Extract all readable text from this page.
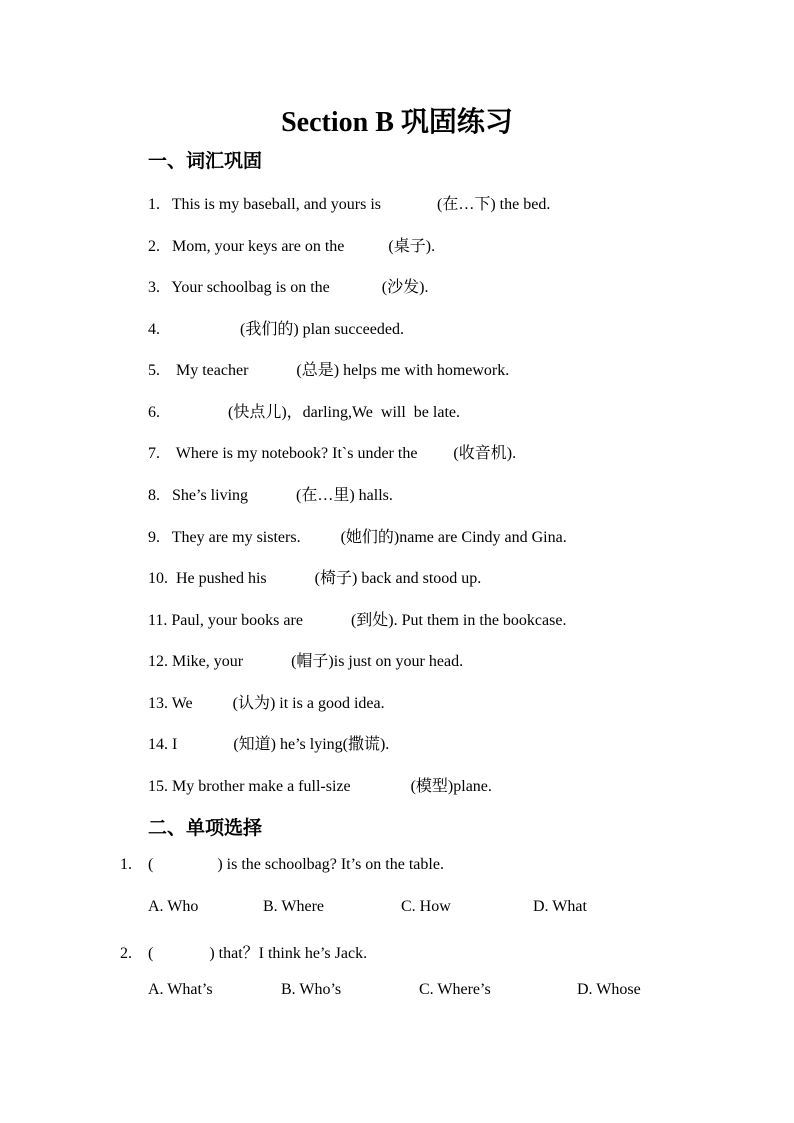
Section B 巩固练习
一、词汇巩固
1.   This is my baseball, and yours is              (在…下) the bed.
2.   Mom, your keys are on the           (桌子).
3.   Your schoolbag is on the             (沙发).
4.                    (我们的) plan succeeded.
5.    My teacher            (总是) helps me with homework.
6.                 (快点儿)，darling,We  will  be late.
7.    Where is my notebook? It`s under the         (收音机).
8.   She’s living            (在…里) halls.
9.   They are my sisters.          (她们的)name are Cindy and Gina.
10.  He pushed his            (椅子) back and stood up.
11. Paul, your books are            (到处). Put them in the bookcase.
12. Mike, your            (帽子)is just on your head.
13. We          (认为) it is a good idea.
14. I              (知道) he’s lying(撒谎).
15. My brother make a full-size               (模型)plane.
二、单项选择
1.    (                ) is the schoolbag? It’s on the table.
A. Who	B. Where	C. How	D. What
2.    (              ) that？I think he’s Jack.
A. What’s	B. Who’s	C. Where’s	D. Whose
